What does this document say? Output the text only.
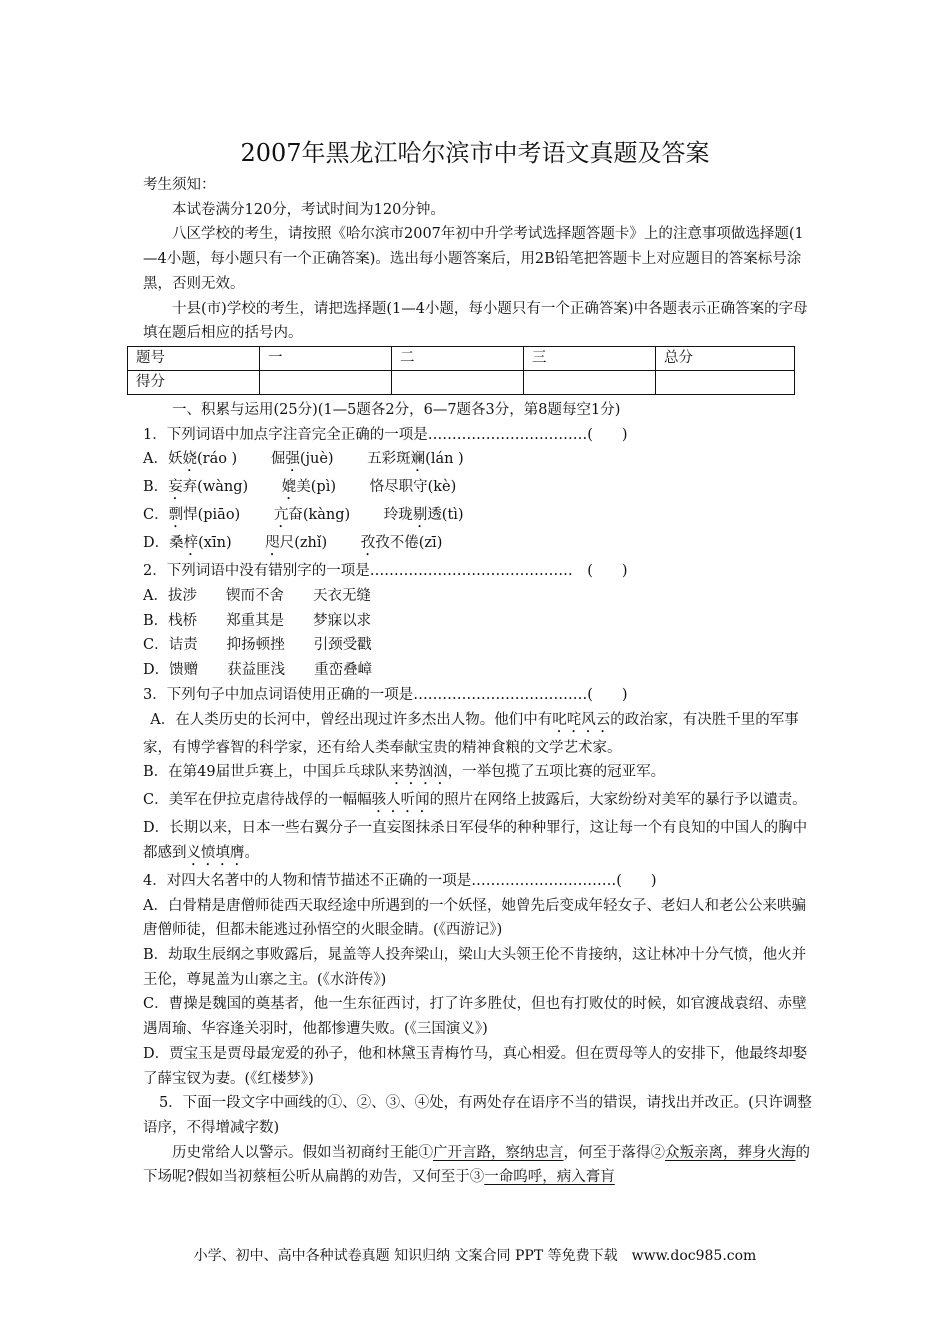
2007年黑龙江哈尔滨市中考语文真题及答案

考生须知：

本试卷满分120分，考试时间为120分钟。

八区学校的考生，请按照《哈尔滨市2007年初中升学考试选择题答题卡》上的注意事项做选择题(1—4小题，每小题只有一个正确答案)。选出每小题答案后，用2B铅笔把答题卡上对应题目的答案标号涂黑，否则无效。

十县(市)学校的考生，请把选择题(1—4小题，每小题只有一个正确答案)中各题表示正确答案的字母填在题后相应的括号内。

题号	一	二	三	总分
得分				

一、积累与运用(25分)(1—5题各2分，6—7题各3分，第8题每空1分)

1．下列词语中加点字注音完全正确的一项是……………………………(　　)

A．妖娆(ráo )　 　倔强(juè)　 　五彩斑斓(lán )

B．妄弃(wàng)　 　媲美(pì)　 　恪尽职守(kè)

C．剽悍(piāo)　 　亢奋(kàng)　 　玲珑剔透(tì)

D．桑梓(xīn)　 　咫尺(zhǐ)　 　孜孜不倦(zī)

2．下列词语中没有错别字的一项是……………………………………　(　　)

A．拔涉　　锲而不舍　　天衣无缝

B．栈桥　　郑重其是　　梦寐以求

C．诘责　　抑扬顿挫　　引颈受戳

D．馈赠　　获益匪浅　　重峦叠嶂

3．下列句子中加点词语使用正确的一项是………………………………(　　)

A．在人类历史的长河中，曾经出现过许多杰出人物。他们中有叱咤风云的政治家，有决胜千里的军事家，有博学睿智的科学家，还有给人类奉献宝贵的精神食粮的文学艺术家。

B．在第49届世乒赛上，中国乒乓球队来势汹汹，一举包揽了五项比赛的冠亚军。

C．美军在伊拉克虐待战俘的一幅幅骇人听闻的照片在网络上披露后，大家纷纷对美军的暴行予以谴责。

D．长期以来，日本一些右翼分子一直妄图抹杀日军侵华的种种罪行，这让每一个有良知的中国人的胸中都感到义愤填膺。

4．对四大名著中的人物和情节描述不正确的一项是…………………………(　　)

A．白骨精是唐僧师徒西天取经途中所遇到的一个妖怪，她曾先后变成年轻女子、老妇人和老公公来哄骗唐僧师徒，但都未能逃过孙悟空的火眼金睛。(《西游记》)

B．劫取生辰纲之事败露后，晁盖等人投奔梁山，梁山大头领王伦不肯接纳，这让林冲十分气愤，他火并王伦，尊晁盖为山寨之主。(《水浒传》)

C．曹操是魏国的奠基者，他一生东征西讨，打了许多胜仗，但也有打败仗的时候，如官渡战袁绍、赤壁遇周瑜、华容逢关羽时，他都惨遭失败。(《三国演义》)

D．贾宝玉是贾母最宠爱的孙子，他和林黛玉青梅竹马，真心相爱。但在贾母等人的安排下，他最终却娶了薛宝钗为妻。(《红楼梦》)

5．下面一段文字中画线的①、②、③、④处，有两处存在语序不当的错误，请找出并改正。(只许调整语序，不得增减字数)

历史常给人以警示。假如当初商纣王能①广开言路，察纳忠言，何至于落得②众叛亲离，葬身火海的下场呢?假如当初蔡桓公听从扁鹊的劝告，又何至于③一命呜呼，病入膏肓

小学、初中、高中各种试卷真题 知识归纳 文案合同 PPT 等免费下载　www.doc985.com
